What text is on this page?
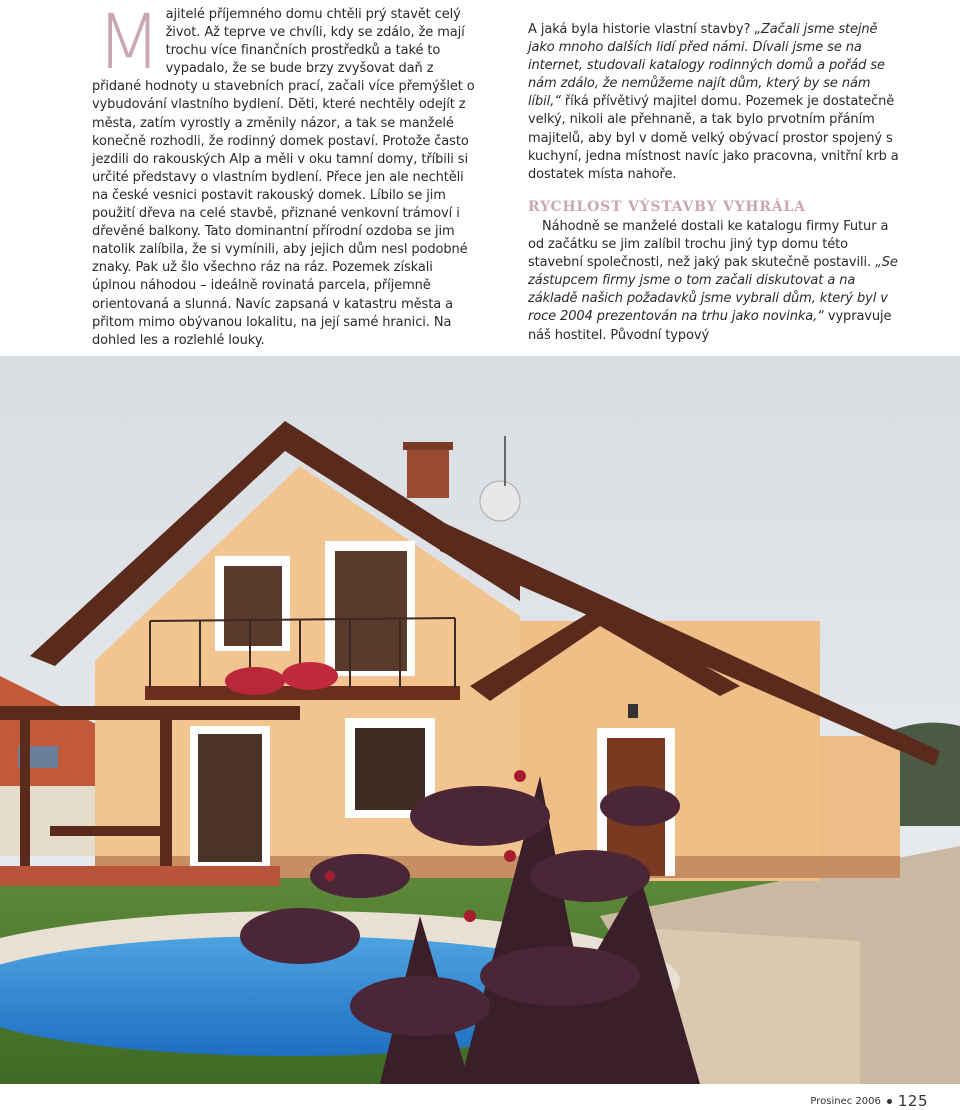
Majitelé příjemného domu chtěli prý stavět celý život. Až teprve ve chvíli, kdy se zdálo, že mají trochu více finančních prostředků a také to vypadalo, že se bude brzy zvyšovat daň z přidané hodnoty u stavebních prací, začali více přemýšlet o vybudování vlastního bydlení. Děti, které nechtěly odejít z města, zatím vyrostly a změnily názor, a tak se manželé konečně rozhodli, že rodinný domek postaví. Protože často jezdili do rakouských Alp a měli v oku tamní domy, tříbili si určité představy o vlastním bydlení. Přece jen ale nechtěli na české vesnici postavit rakouský domek. Líbilo se jim použití dřeva na celé stavbě, přiznané venkovní trámoví i dřevěné balkony. Tato dominantní přírodní ozdoba se jim natolik zalíbila, že si vymínili, aby jejich dům nesl podobné znaky. Pak už šlo všechno ráz na ráz. Pozemek získali úplnou náhodou – ideálně rovinatá parcela, příjemně orientovaná a slunná. Navíc zapsaná v katastru města a přitom mimo obývanou lokalitu, na její samé hranici. Na dohled les a rozlehlé louky.

A jaká byla historie vlastní stavby? „Začali jsme stejně jako mnoho dalších lidí před námi. Dívali jsme se na internet, studovali katalogy rodinných domů a pořád se nám zdálo, že nemůžeme najít dům, který by se nám líbil,“ říká přívětivý majitel domu. Pozemek je dostatečně velký, nikoli ale přehnaně, a tak bylo prvotním přáním majitelů, aby byl v domě velký obývací prostor spojený s kuchyní, jedna místnost navíc jako pracovna, vnitřní krb a dostatek místa nahoře.

RYCHLOST VÝSTAVBY VYHRÁLA

Náhodně se manželé dostali ke katalogu firmy Futur a od začátku se jim zalíbil trochu jiný typ domu této stavební společnosti, než jaký pak skutečně postavili. „Se zástupcem firmy jsme o tom začali diskutovat a na základě našich požadavků jsme vybrali dům, který byl v roce 2004 prezentován na trhu jako novinka,“ vypravuje náš hostitel. Původní typový

Prosinec 2006 125
